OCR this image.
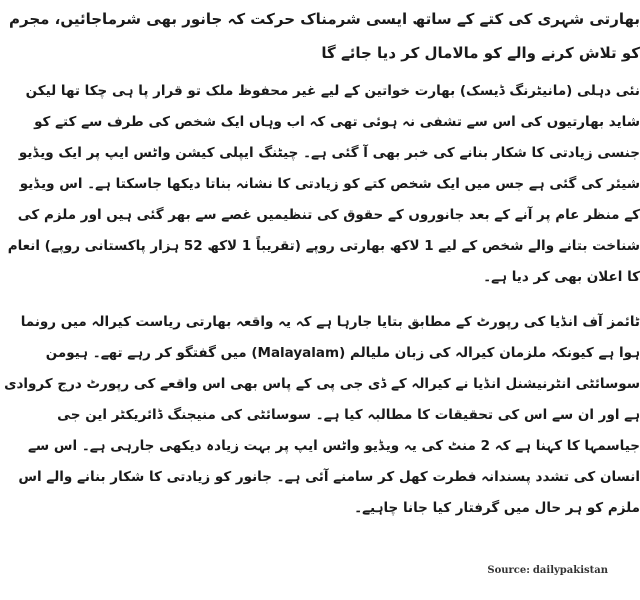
بھارتی شہری کی کتے کے ساتھ ایسی شرمناک حرکت کہ جانور بھی شرماجائیں، مجرم کو تلاش کرنے والے کو مالامال کر دیا جائے گا

نئی دہلی (مانیٹرنگ ڈیسک) بھارت خواتین کے لیے غیر محفوظ ملک تو قرار پا ہی چکا تھا لیکن شاید بھارتیوں کی اس سے تشفی نہ ہوئی تھی کہ اب وہاں ایک شخص کی طرف سے کتے کو جنسی زیادتی کا شکار بنانے کی خبر بھی آ گئی ہے۔ چیٹنگ ایپلی کیشن واٹس ایپ پر ایک ویڈیو شیئر کی گئی ہے جس میں ایک شخص کتے کو زیادتی کا نشانہ بناتا دیکھا جاسکتا ہے۔ اس ویڈیو کے منظر عام پر آنے کے بعد جانوروں کے حقوق کی تنظیمیں غصے سے بھر گئی ہیں اور ملزم کی شناخت بتانے والے شخص کے لیے 1 لاکھ بھارتی روپے (تقریباً 1 لاکھ 52 ہزار پاکستانی روپے) انعام کا اعلان بھی کر دیا ہے۔

ٹائمز آف انڈیا کی رپورٹ کے مطابق بتایا جارہا ہے کہ یہ واقعہ بھارتی ریاست کیرالہ میں رونما ہوا ہے کیونکہ ملزمان کیرالہ کی زبان ملیالم (Malayalam) میں گفتگو کر رہے تھے۔ ہیومن سوسائٹی انٹرنیشنل انڈیا نے کیرالہ کے ڈی جی پی کے پاس بھی اس واقعے کی رپورٹ درج کروادی ہے اور ان سے اس کی تحقیقات کا مطالبہ کیا ہے۔ سوسائٹی کی منیجنگ ڈائریکٹر این جی جیاسمہا کا کہنا ہے کہ 2 منٹ کی یہ ویڈیو واٹس ایپ پر بہت زیادہ دیکھی جارہی ہے۔ اس سے انسان کی تشدد پسندانہ فطرت کھل کر سامنے آئی ہے۔ جانور کو زیادتی کا شکار بنانے والے اس ملزم کو ہر حال میں گرفتار کیا جانا چاہیے۔

Source: dailypakistan
